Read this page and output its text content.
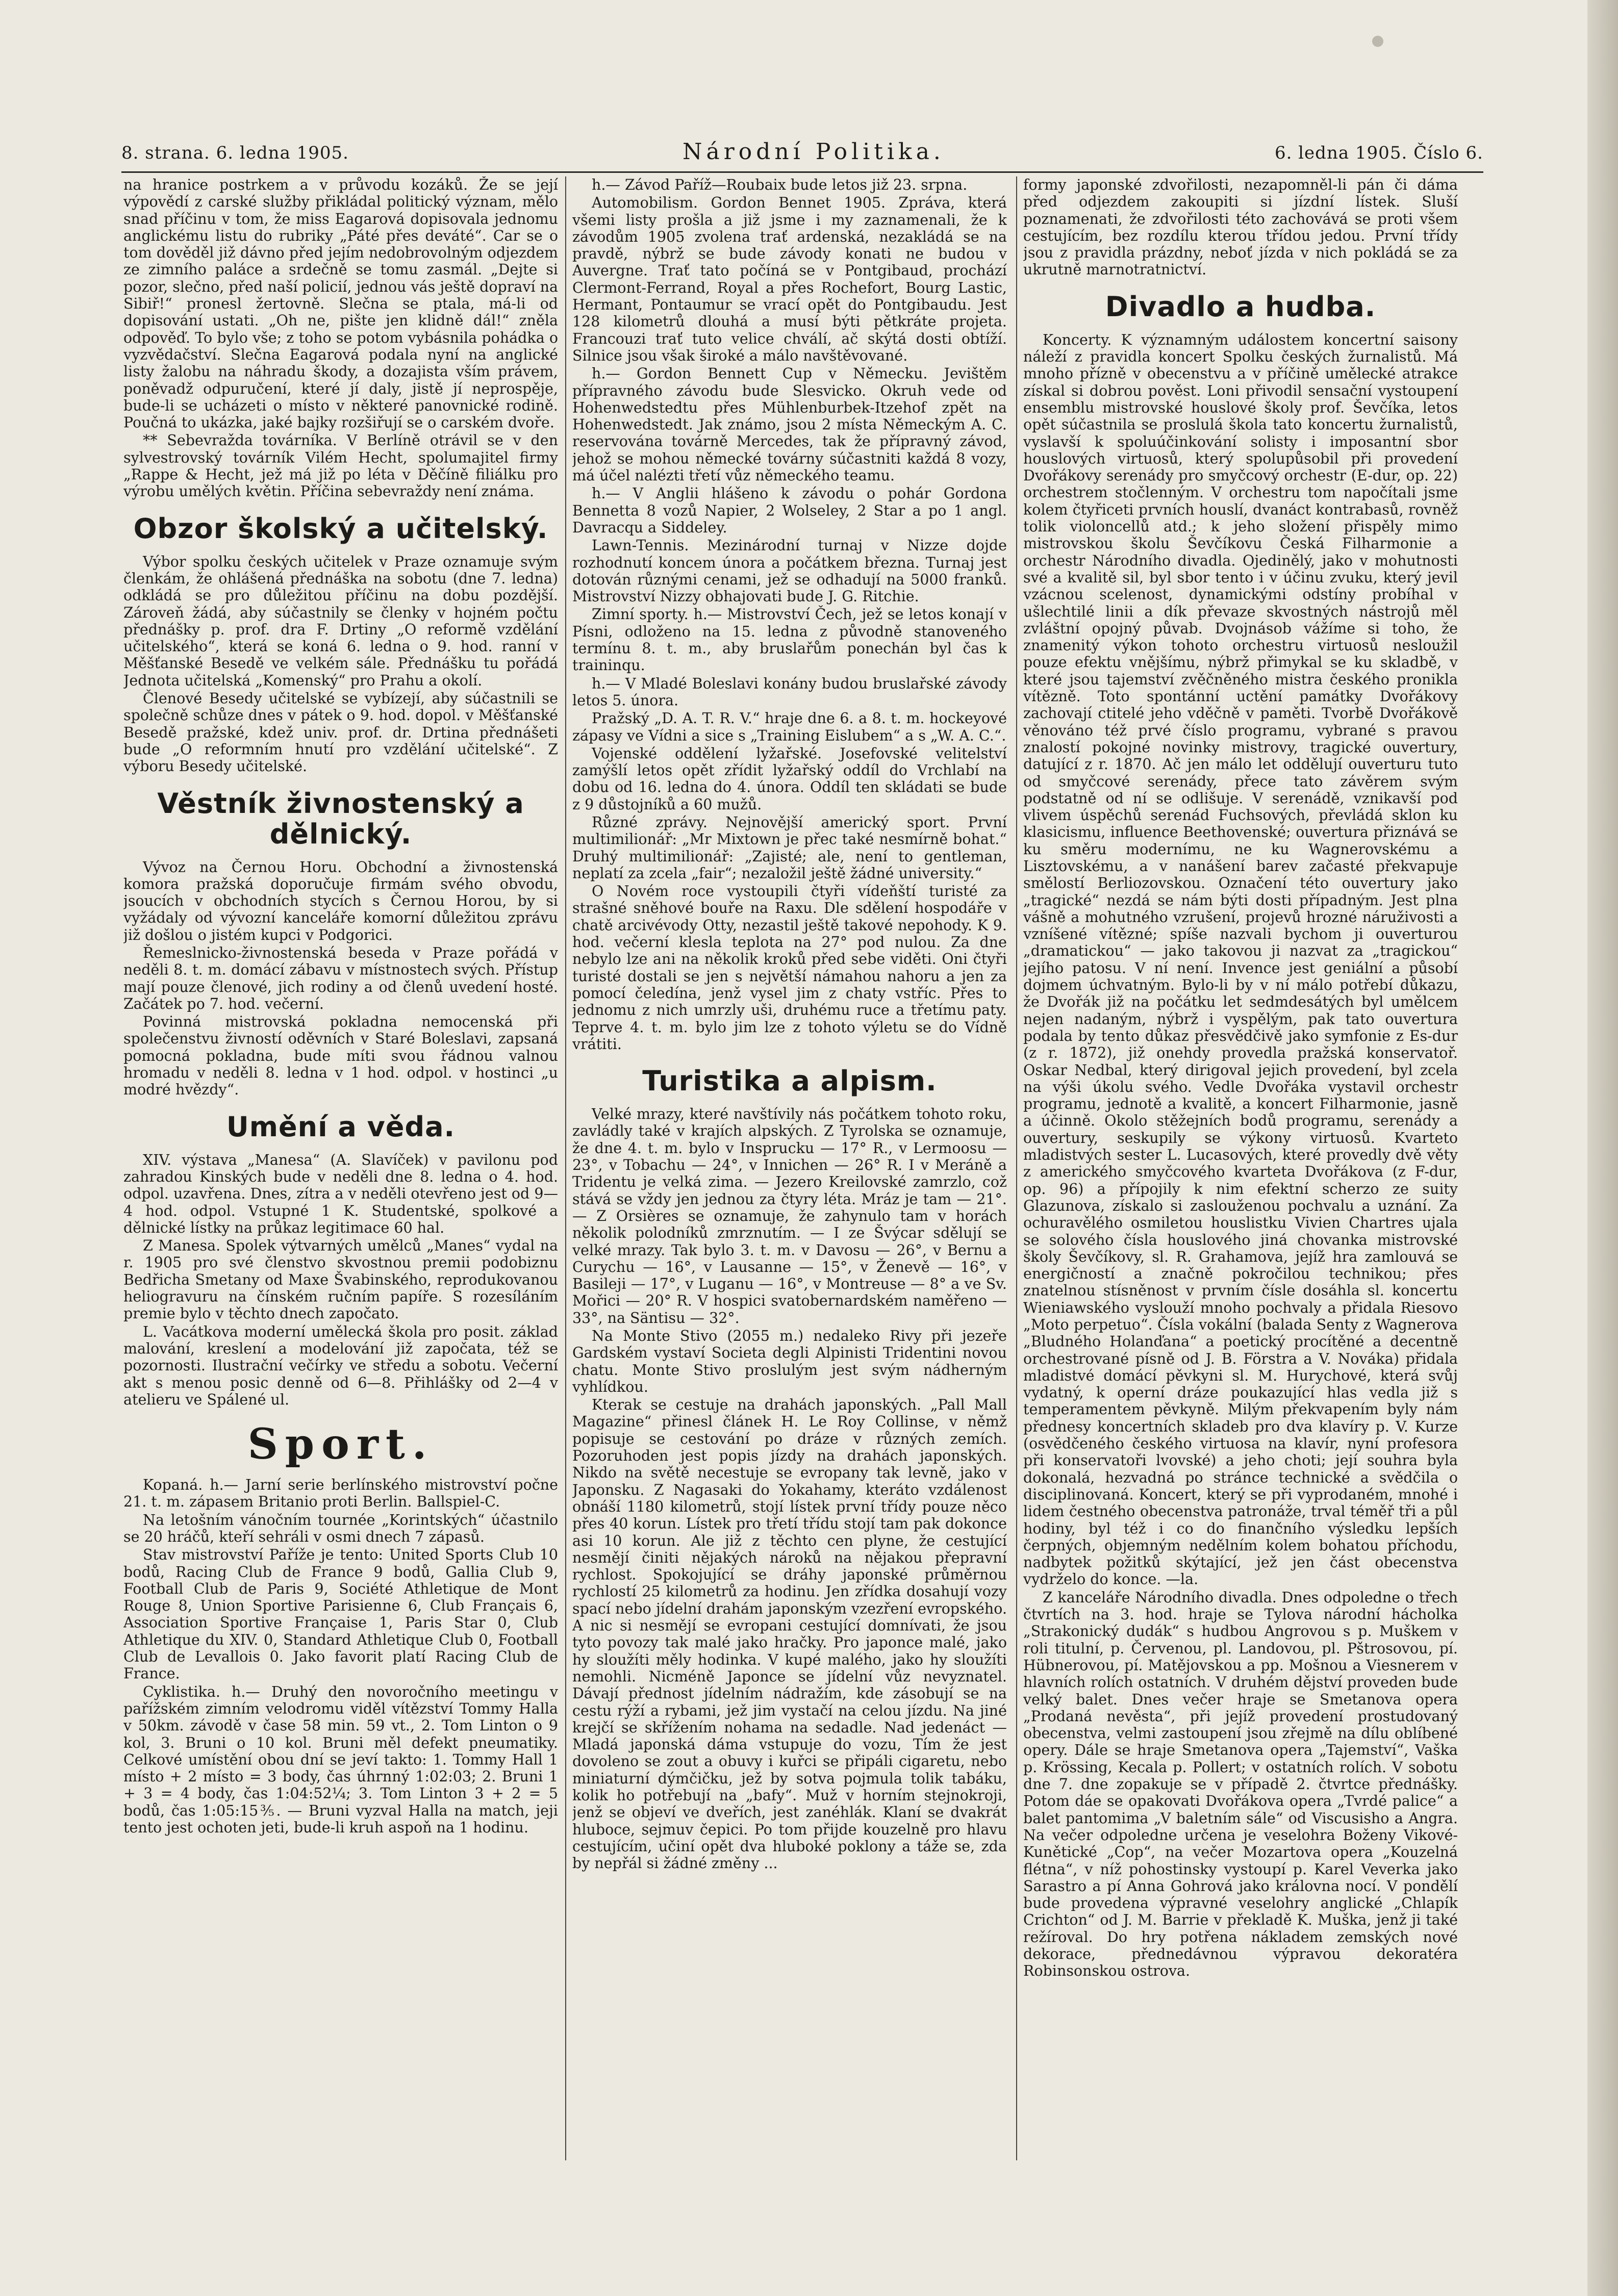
8. strana. 6. ledna 1905.	Národní Politika.	6. ledna 1905. Číslo 6.

na hranice postrkem a v průvodu kozáků. Že se její výpovědí z carské služby přikládal politický význam, mělo snad příčinu v tom, že miss Eagarová dopisovala jednomu anglickému listu do rubriky „Páté přes deváté“. Car se o tom dověděl již dávno před jejím nedobrovolným odjezdem ze zimního paláce a srdečně se tomu zasmál. „Dejte si pozor, slečno, před naší policií, jednou vás ještě dopraví na Sibiř!“ pronesl žertovně. Slečna se ptala, má-li od dopisování ustati. „Oh ne, pište jen klidně dál!“ zněla odpověď. To bylo vše; z toho se potom vybásnila pohádka o vyzvědačství. Slečna Eagarová podala nyní na anglické listy žalobu na náhradu škody, a dozajista vším právem, poněvadž odpuručení, které jí daly, jistě jí neprospěje, bude-li se ucházeti o místo v některé panovnické rodině. Poučná to ukázka, jaké bajky rozšiřují se o carském dvoře.

** Sebevražda továrníka. V Berlíně otrávil se v den sylvestrovský továrník Vilém Hecht, spolumajitel firmy „Rappe & Hecht, jež má již po léta v Děčíně filiálku pro výrobu umělých květin. Příčina sebevraždy není známa.

Obzor školský a učitelský.

Výbor spolku českých učitelek v Praze oznamuje svým členkám, že ohlášená přednáška na sobotu (dne 7. ledna) odkládá se pro důležitou příčinu na dobu pozdější. Zároveň žádá, aby súčastnily se členky v hojném počtu přednášky p. prof. dra F. Drtiny „O reformě vzdělání učitelského“, která se koná 6. ledna o 9. hod. ranní v Měšťanské Besedě ve velkém sále. Přednášku tu pořádá Jednota učitelská „Komenský“ pro Prahu a okolí.

Členové Besedy učitelské se vybízejí, aby súčastnili se společně schůze dnes v pátek o 9. hod. dopol. v Měšťanské Besedě pražské, kdež univ. prof. dr. Drtina přednášeti bude „O reformním hnutí pro vzdělání učitelské“. Z výboru Besedy učitelské.

Věstník živnostenský a dělnický.

Vývoz na Černou Horu. Obchodní a živnostenská komora pražská doporučuje firmám svého obvodu, jsoucích v obchodních stycích s Černou Horou, by si vyžádaly od vývozní kanceláře komorní důležitou zprávu již došlou o jistém kupci v Podgorici.

Řemeslnicko-živnostenská beseda v Praze pořádá v neděli 8. t. m. domácí zábavu v místnostech svých. Přístup mají pouze členové, jich rodiny a od členů uvedení hosté. Začátek po 7. hod. večerní.

Povinná mistrovská pokladna nemocenská při společenstvu živností oděvních v Staré Boleslavi, zapsaná pomocná pokladna, bude míti svou řádnou valnou hromadu v neděli 8. ledna v 1 hod. odpol. v hostinci „u modré hvězdy“.

Umění a věda.

XIV. výstava „Manesa“ (A. Slavíček) v pavilonu pod zahradou Kinských bude v neděli dne 8. ledna o 4. hod. odpol. uzavřena. Dnes, zítra a v neděli otevřeno jest od 9—4 hod. odpol. Vstupné 1 K. Studentské, spolkové a dělnické lístky na průkaz legitimace 60 hal.

Z Manesa. Spolek výtvarných umělců „Manes“ vydal na r. 1905 pro své členstvo skvostnou premii podobiznu Bedřicha Smetany od Maxe Švabinského, reprodukovanou heliogravuru na čínském ručním papíře. S rozesíláním premie bylo v těchto dnech započato.

L. Vacátkova moderní umělecká škola pro posit. základ malování, kreslení a modelování již započata, též se pozornosti. Ilustrační večírky ve středu a sobotu. Večerní akt s menou posic denně od 6—8. Přihlášky od 2—4 v atelieru ve Spálené ul.

Sport.

Kopaná. h.— Jarní serie berlínského mistrovství počne 21. t. m. zápasem Britanio proti Berlin. Ballspiel-C.

Na letošním vánočním tournée „Korintských“ účastnilo se 20 hráčů, kteří sehráli v osmi dnech 7 zápasů.

Stav mistrovství Paříže je tento: United Sports Club 10 bodů, Racing Club de France 9 bodů, Gallia Club 9, Football Club de Paris 9, Société Athletique de Mont Rouge 8, Union Sportive Parisienne 6, Club Français 6, Association Sportive Française 1, Paris Star 0, Club Athletique du XIV. 0, Standard Athletique Club 0, Football Club de Levallois 0. Jako favorit platí Racing Club de France.

Cyklistika. h.— Druhý den novoročního meetingu v pařížském zimním velodromu viděl vítězství Tommy Halla v 50km. závodě v čase 58 min. 59 vt., 2. Tom Linton o 9 kol, 3. Bruni o 10 kol. Bruni měl defekt pneumatiky. Celkové umístění obou dní se jeví takto: 1. Tommy Hall 1 místo + 2 místo = 3 body, čas úhrnný 1:02:03; 2. Bruni 1 + 3 = 4 body, čas 1:04:52¼; 3. Tom Linton 3 + 2 = 5 bodů, čas 1:05:15⅗. — Bruni vyzval Halla na match, jeji tento jest ochoten jeti, bude-li kruh aspoň na 1 hodinu.

h.— Závod Paříž—Roubaix bude letos již 23. srpna.

Automobilism. Gordon Bennet 1905. Zpráva, která všemi listy prošla a již jsme i my zaznamenali, že k závodům 1905 zvolena trať ardenská, nezakládá se na pravdě, nýbrž se bude závody konati ne budou v Auvergne. Trať tato počíná se v Pontgibaud, prochází Clermont-Ferrand, Royal a přes Rochefort, Bourg Lastic, Hermant, Pontaumur se vrací opět do Pontgibaudu. Jest 128 kilometrů dlouhá a musí býti pětkráte projeta. Francouzi trať tuto velice chválí, ač skýtá dosti obtíží. Silnice jsou však široké a málo navštěvované.

h.— Gordon Bennett Cup v Německu. Jevištěm přípravného závodu bude Slesvicko. Okruh vede od Hohenwedstedtu přes Mühlenburbek-Itzehof zpět na Hohenwedstedt. Jak známo, jsou 2 místa Německým A. C. reservována továrně Mercedes, tak že přípravný závod, jehož se mohou německé továrny súčastniti každá 8 vozy, má účel nalézti třetí vůz německého teamu.

h.— V Anglii hlášeno k závodu o pohár Gordona Bennetta 8 vozů Napier, 2 Wolseley, 2 Star a po 1 angl. Davracqu a Siddeley.

Lawn-Tennis. Mezinárodní turnaj v Nizze dojde rozhodnutí koncem února a počátkem března. Turnaj jest dotován různými cenami, jež se odhadují na 5000 franků. Mistrovství Nizzy obhajovati bude J. G. Ritchie.

Zimní sporty. h.— Mistrovství Čech, jež se letos konají v Písni, odloženo na 15. ledna z původně stanoveného termínu 8. t. m., aby bruslařům ponechán byl čas k traininqu.

h.— V Mladé Boleslavi konány budou bruslařské závody letos 5. února.

Pražský „D. A. T. R. V.“ hraje dne 6. a 8. t. m. hockeyové zápasy ve Vídni a sice s „Training Eislubem“ a s „W. A. C.“.

Vojenské oddělení lyžařské. Josefovské velitelství zamýšlí letos opět zřídit lyžařský oddíl do Vrchlabí na dobu od 16. ledna do 4. února. Oddíl ten skládati se bude z 9 důstojníků a 60 mužů.

Různé zprávy. Nejnovější americký sport. První multimilionář: „Mr Mixtown je přec také nesmírně bohat.“ Druhý multimilionář: „Zajisté; ale, není to gentleman, neplatí za zcela „fair“; nezaložil ještě žádné university.“

O Novém roce vystoupili čtyři vídeňští turisté za strašné sněhové bouře na Raxu. Dle sdělení hospodáře v chatě arcivévody Otty, nezastil ještě takové nepohody. K 9. hod. večerní klesla teplota na 27° pod nulou. Za dne nebylo lze ani na několik kroků před sebe viděti. Oni čtyři turisté dostali se jen s největší námahou nahoru a jen za pomocí čeledína, jenž vysel jim z chaty vstříc. Přes to jednomu z nich umrzly uši, druhému ruce a třetímu paty. Teprve 4. t. m. bylo jim lze z tohoto výletu se do Vídně vrátiti.

Turistika a alpism.

Velké mrazy, které navštívily nás počátkem tohoto roku, zavládly také v krajích alpských. Z Tyrolska se oznamuje, že dne 4. t. m. bylo v Insprucku — 17° R., v Lermoosu — 23°, v Tobachu — 24°, v Innichen — 26° R. I v Meráně a Tridentu je velká zima. — Jezero Kreilovské zamrzlo, což stává se vždy jen jednou za čtyry léta. Mráz je tam — 21°. — Z Orsières se oznamuje, že zahynulo tam v horách několik polodníků zmrznutím. — I ze Švýcar sdělují se velké mrazy. Tak bylo 3. t. m. v Davosu — 26°, v Bernu a Curychu — 16°, v Lausanne — 15°, v Ženevě — 16°, v Basileji — 17°, v Luganu — 16°, v Montreuse — 8° a ve Sv. Mořici — 20° R. V hospici svatobernardském naměřeno — 33°, na Säntisu — 32°.

Na Monte Stivo (2055 m.) nedaleko Rivy při jezeře Gardském vystaví Societa degli Alpinisti Tridentini novou chatu. Monte Stivo proslulým jest svým nádherným vyhlídkou.

Kterak se cestuje na drahách japonských. „Pall Mall Magazine“ přinesl článek H. Le Roy Collinse, v němž popisuje se cestování po dráze v různých zemích. Pozoruhoden jest popis jízdy na drahách japonských. Nikdo na světě necestuje se evropany tak levně, jako v Japonsku. Z Nagasaki do Yokahamy, kteráto vzdálenost obnáší 1180 kilometrů, stojí lístek první třídy pouze něco přes 40 korun. Lístek pro třetí třídu stojí tam pak dokonce asi 10 korun. Ale již z těchto cen plyne, že cestující nesmějí činiti nějakých nároků na nějakou přepravní rychlost. Spokojující se dráhy japonské průměrnou rychlostí 25 kilometrů za hodinu. Jen zřídka dosahují vozy spací nebo jídelní drahám japonským vzezření evropského. A nic si nesmějí se evropani cestující domnívati, že jsou tyto povozy tak malé jako hračky. Pro japonce malé, jako hy sloužíti měly hodinka. V kupé malého, jako hy sloužíti nemohli. Nicméně Japonce se jídelní vůz nevyznatel. Dávají přednost jídelním nádražím, kde zásobují se na cestu rýží a rybami, jež jim vystačí na celou jízdu. Na jiné krejčí se skřížením nohama na sedadle. Nad jedenáct — Mladá japonská dáma vstupuje do vozu, Tím že jest dovoleno se zout a obuvy i kuřci se připáli cigaretu, nebo miniaturní dýmčičku, jež by sotva pojmula tolik tabáku, kolik ho potřebují na „bafy“. Muž v horním stejnokroji, jenž se objeví ve dveřích, jest zanéhlák. Klaní se dvakrát hluboce, sejmuv čepici. Po tom přijde kouzelně pro hlavu cestujícím, učiní opět dva hluboké poklony a táže se, zda by nepřál si žádné změny ...

formy japonské zdvořilosti, nezapomněl-li pán či dáma před odjezdem zakoupiti si jízdní lístek. Sluší poznamenati, že zdvořilosti této zachovává se proti všem cestujícím, bez rozdílu kterou třídou jedou. První třídy jsou z pravidla prázdny, neboť jízda v nich pokládá se za ukrutně marnotratnictví.

Divadlo a hudba.

Koncerty. K významným událostem koncertní saisony náleží z pravidla koncert Spolku českých žurnalistů. Má mnoho přízně v obecenstvu a v příčině umělecké atrakce získal si dobrou pověst. Loni přivodil sensační vystoupení ensemblu mistrovské houslové školy prof. Ševčíka, letos opět súčastnila se proslulá škola tato koncertu žurnalistů, vyslavší k spoluúčinkování solisty i imposantní sbor houslových virtuosů, který spolupůsobil při provedení Dvořákovy serenády pro smyčcový orchestr (E-dur, op. 22) orchestrem stočlenným. V orchestru tom napočítali jsme kolem čtyřiceti prvních houslí, dvanáct kontrabasů, rovněž tolik violoncellů atd.; k jeho složení přispěly mimo mistrovskou školu Ševčíkovu Česká Filharmonie a orchestr Národního divadla. Ojedinělý, jako v mohutnosti své a kvalitě sil, byl sbor tento i v účinu zvuku, který jevil vzácnou scelenost, dynamickými odstíny probíhal v ušlechtilé linii a dík převaze skvostných nástrojů měl zvláštní opojný půvab. Dvojnásob vážíme si toho, že znamenitý výkon tohoto orchestru virtuosů nesloužil pouze efektu vnějšímu, nýbrž přimykal se ku skladbě, v které jsou tajemství zvěčněného mistra českého pronikla vítězně. Toto spontánní uctění památky Dvořákovy zachovají ctitelé jeho vděčně v paměti. Tvorbě Dvořákově věnováno též prvé číslo programu, vybrané s pravou znalostí pokojné novinky mistrovy, tragické ouvertury, datující z r. 1870. Ač jen málo let oddělují ouverturu tuto od smyčcové serenády, přece tato závěrem svým podstatně od ní se odlišuje. V serenádě, vznikavší pod vlivem úspěchů serenád Fuchsových, převládá sklon ku klasicismu, influence Beethovenské; ouvertura přiznává se ku směru modernímu, ne ku Wagnerovskému a Lisztovskému, a v nanášení barev začasté překvapuje smělostí Berliozovskou. Označení této ouvertury jako „tragické“ nezdá se nám býti dosti případným. Jest plna vášně a mohutného vzrušení, projevů hrozné náruživosti a vzníšené vítězné; spíše nazvali bychom ji ouverturou „dramatickou“ — jako takovou ji nazvat za „tragickou“ jejího patosu. V ní není. Invence jest geniální a působí dojmem úchvatným. Bylo-li by v ní málo potřebí důkazu, že Dvořák již na počátku let sedmdesátých byl umělcem nejen nadaným, nýbrž i vyspělým, pak tato ouvertura podala by tento důkaz přesvědčivě jako symfonie z Es-dur (z r. 1872), již onehdy provedla pražská konservatoř. Oskar Nedbal, který dirigoval jejich provedení, byl zcela na výši úkolu svého. Vedle Dvořáka vystavil orchestr programu, jednotě a kvalitě, a koncert Filharmonie, jasně a účinně. Okolo stěžejních bodů programu, serenády a ouvertury, seskupily se výkony virtuosů. Kvarteto mladistvých sester L. Lucasových, které provedly dvě věty z amerického smyčcového kvarteta Dvořákova (z F-dur, op. 96) a přípojily k nim efektní scherzo ze suity Glazunova, získalo si zaslouženou pochvalu a uznání. Za ochuravělého osmiletou houslistku Vivien Chartres ujala se solového čísla houslového jiná chovanka mistrovské školy Ševčíkovy, sl. R. Grahamova, jejíž hra zamlouvá se energičností a značně pokročilou technikou; přes znatelnou stísněnost v prvním čísle dosáhla sl. koncertu Wieniawského vyslouží mnoho pochvaly a přidala Riesovo „Moto perpetuo“. Čísla vokální (balada Senty z Wagnerova „Bludného Holanďana“ a poetický procítěné a decentně orchestrované písně od J. B. Förstra a V. Nováka) přidala mladistvé domácí pěvkyni sl. M. Hurychové, která svůj vydatný, k operní dráze poukazující hlas vedla již s temperamentem pěvkyně. Milým překvapením byly nám přednesy koncertních skladeb pro dva klavíry p. V. Kurze (osvědčeného českého virtuosa na klavír, nyní profesora při konservatoři lvovské) a jeho choti; její souhra byla dokonalá, hezvadná po stránce technické a svědčila o disciplinovaná. Koncert, který se při vyprodaném, mnohé i lidem čestného obecenstva patronáže, trval téměř tři a půl hodiny, byl též i co do finančního výsledku lepších čerpných, objemným nedělním kolem bohatou příchodu, nadbytek požitků skýtající, jež jen část obecenstva vydrželo do konce. —la.

Z kanceláře Národního divadla. Dnes odpoledne o třech čtvrtích na 3. hod. hraje se Tylova národní hácholka „Strakonický dudák“ s hudbou Angrovou s p. Muškem v roli titulní, p. Červenou, pl. Landovou, pl. Pštrosovou, pí. Hübnerovou, pí. Matějovskou a pp. Mošnou a Viesnerem v hlavních rolích ostatních. V druhém dějství proveden bude velký balet. Dnes večer hraje se Smetanova opera „Prodaná nevěsta“, při jejíž provedení prostudovaný obecenstva, velmi zastoupení jsou zřejmě na dílu oblíbené opery. Dále se hraje Smetanova opera „Tajemství“, Vaška p. Krössing, Kecala p. Pollert; v ostatních rolích. V sobotu dne 7. dne zopakuje se v případě 2. čtvrtce přednášky. Potom dáe se opakovati Dvořákova opera „Tvrdé palice“ a balet pantomima „V baletním sále“ od Viscusisho a Angra. Na večer odpoledne určena je veselohra Boženy Vikové-Kunětické „Cop“, na večer Mozartova opera „Kouzelná flétna“, v níž pohostinsky vystoupí p. Karel Veverka jako Sarastro a pí Anna Gohrová jako královna nocí. V pondělí bude provedena výpravné veselohry anglické „Chlapík Crichton“ od J. M. Barrie v překladě K. Muška, jenž ji také režíroval. Do hry potřena nákladem zemských nové dekorace, přednedávnou výpravou dekoratéra Robinsonskou ostrova.
